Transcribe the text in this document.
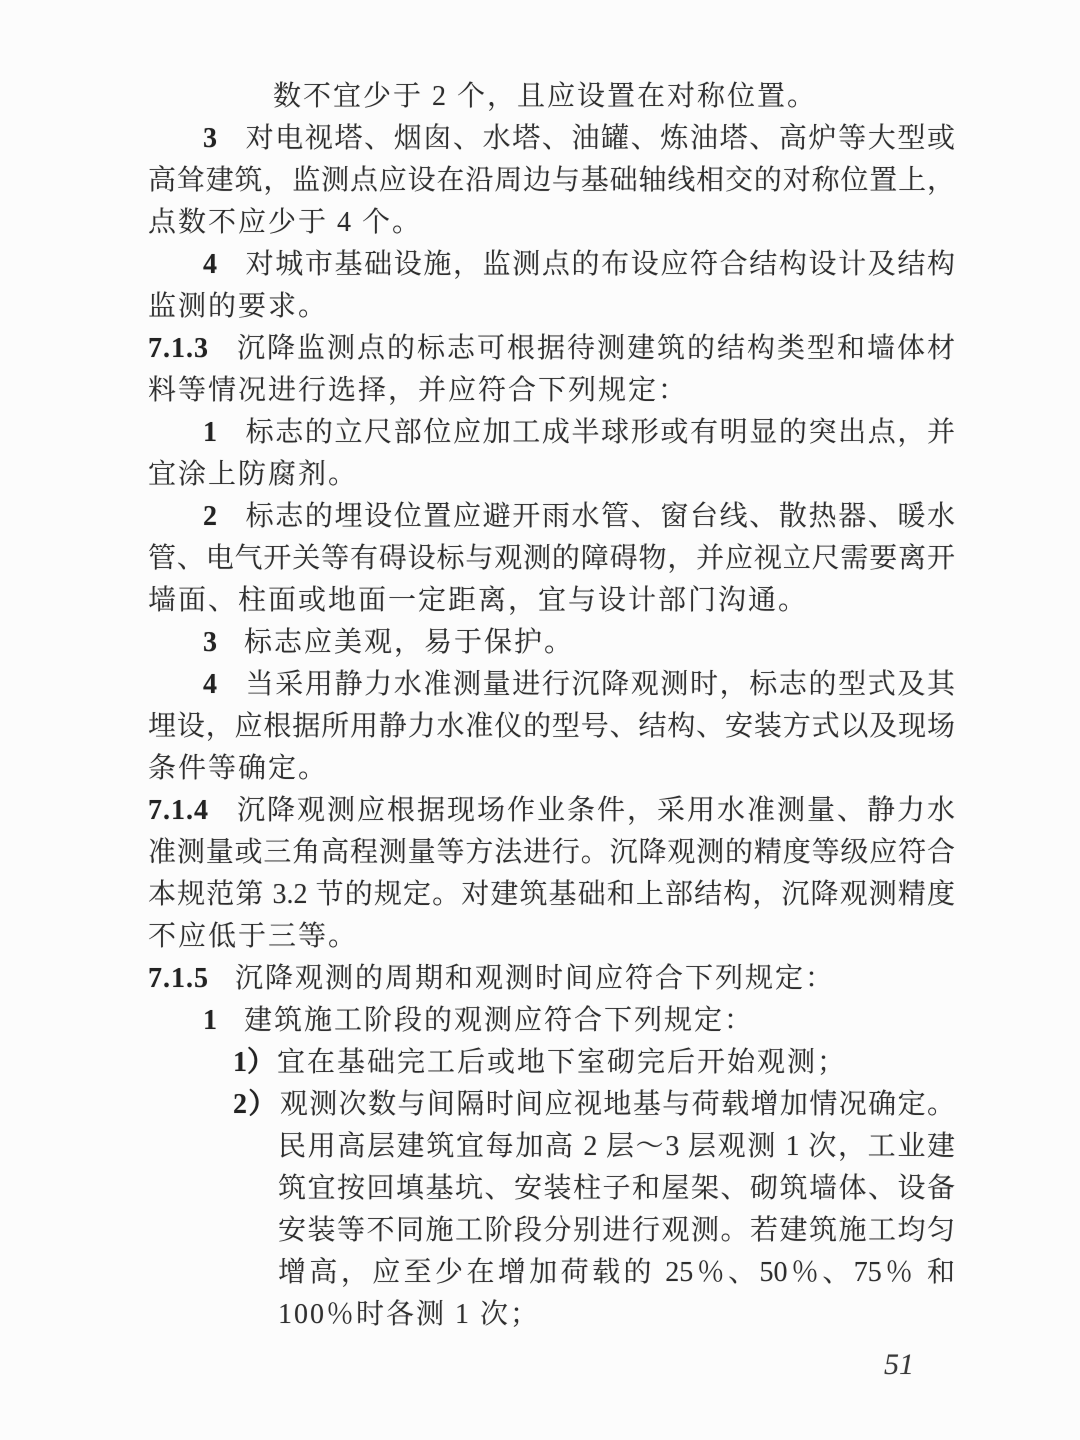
数不宜少于 2 个，且应设置在对称位置。
3 对电视塔、烟囱、水塔、油罐、炼油塔、高炉等大型或
高耸建筑，监测点应设在沿周边与基础轴线相交的对称位置上，
点数不应少于 4 个。
4 对城市基础设施，监测点的布设应符合结构设计及结构
监测的要求。
7.1.3 沉降监测点的标志可根据待测建筑的结构类型和墙体材
料等情况进行选择，并应符合下列规定：
1 标志的立尺部位应加工成半球形或有明显的突出点，并
宜涂上防腐剂。
2 标志的埋设位置应避开雨水管、窗台线、散热器、暖水
管、电气开关等有碍设标与观测的障碍物，并应视立尺需要离开
墙面、柱面或地面一定距离，宜与设计部门沟通。
3 标志应美观，易于保护。
4 当采用静力水准测量进行沉降观测时，标志的型式及其
埋设，应根据所用静力水准仪的型号、结构、安装方式以及现场
条件等确定。
7.1.4 沉降观测应根据现场作业条件，采用水准测量、静力水
准测量或三角高程测量等方法进行。沉降观测的精度等级应符合
本规范第 3.2 节的规定。对建筑基础和上部结构，沉降观测精度
不应低于三等。
7.1.5 沉降观测的周期和观测时间应符合下列规定：
1 建筑施工阶段的观测应符合下列规定：
1）宜在基础完工后或地下室砌完后开始观测；
2）观测次数与间隔时间应视地基与荷载增加情况确定。
民用高层建筑宜每加高 2 层～3 层观测 1 次，工业建
筑宜按回填基坑、安装柱子和屋架、砌筑墙体、设备
安装等不同施工阶段分别进行观测。若建筑施工均匀
增高，应至少在增加荷载的 25％、50％、75％ 和
100％时各测 1 次；
51
